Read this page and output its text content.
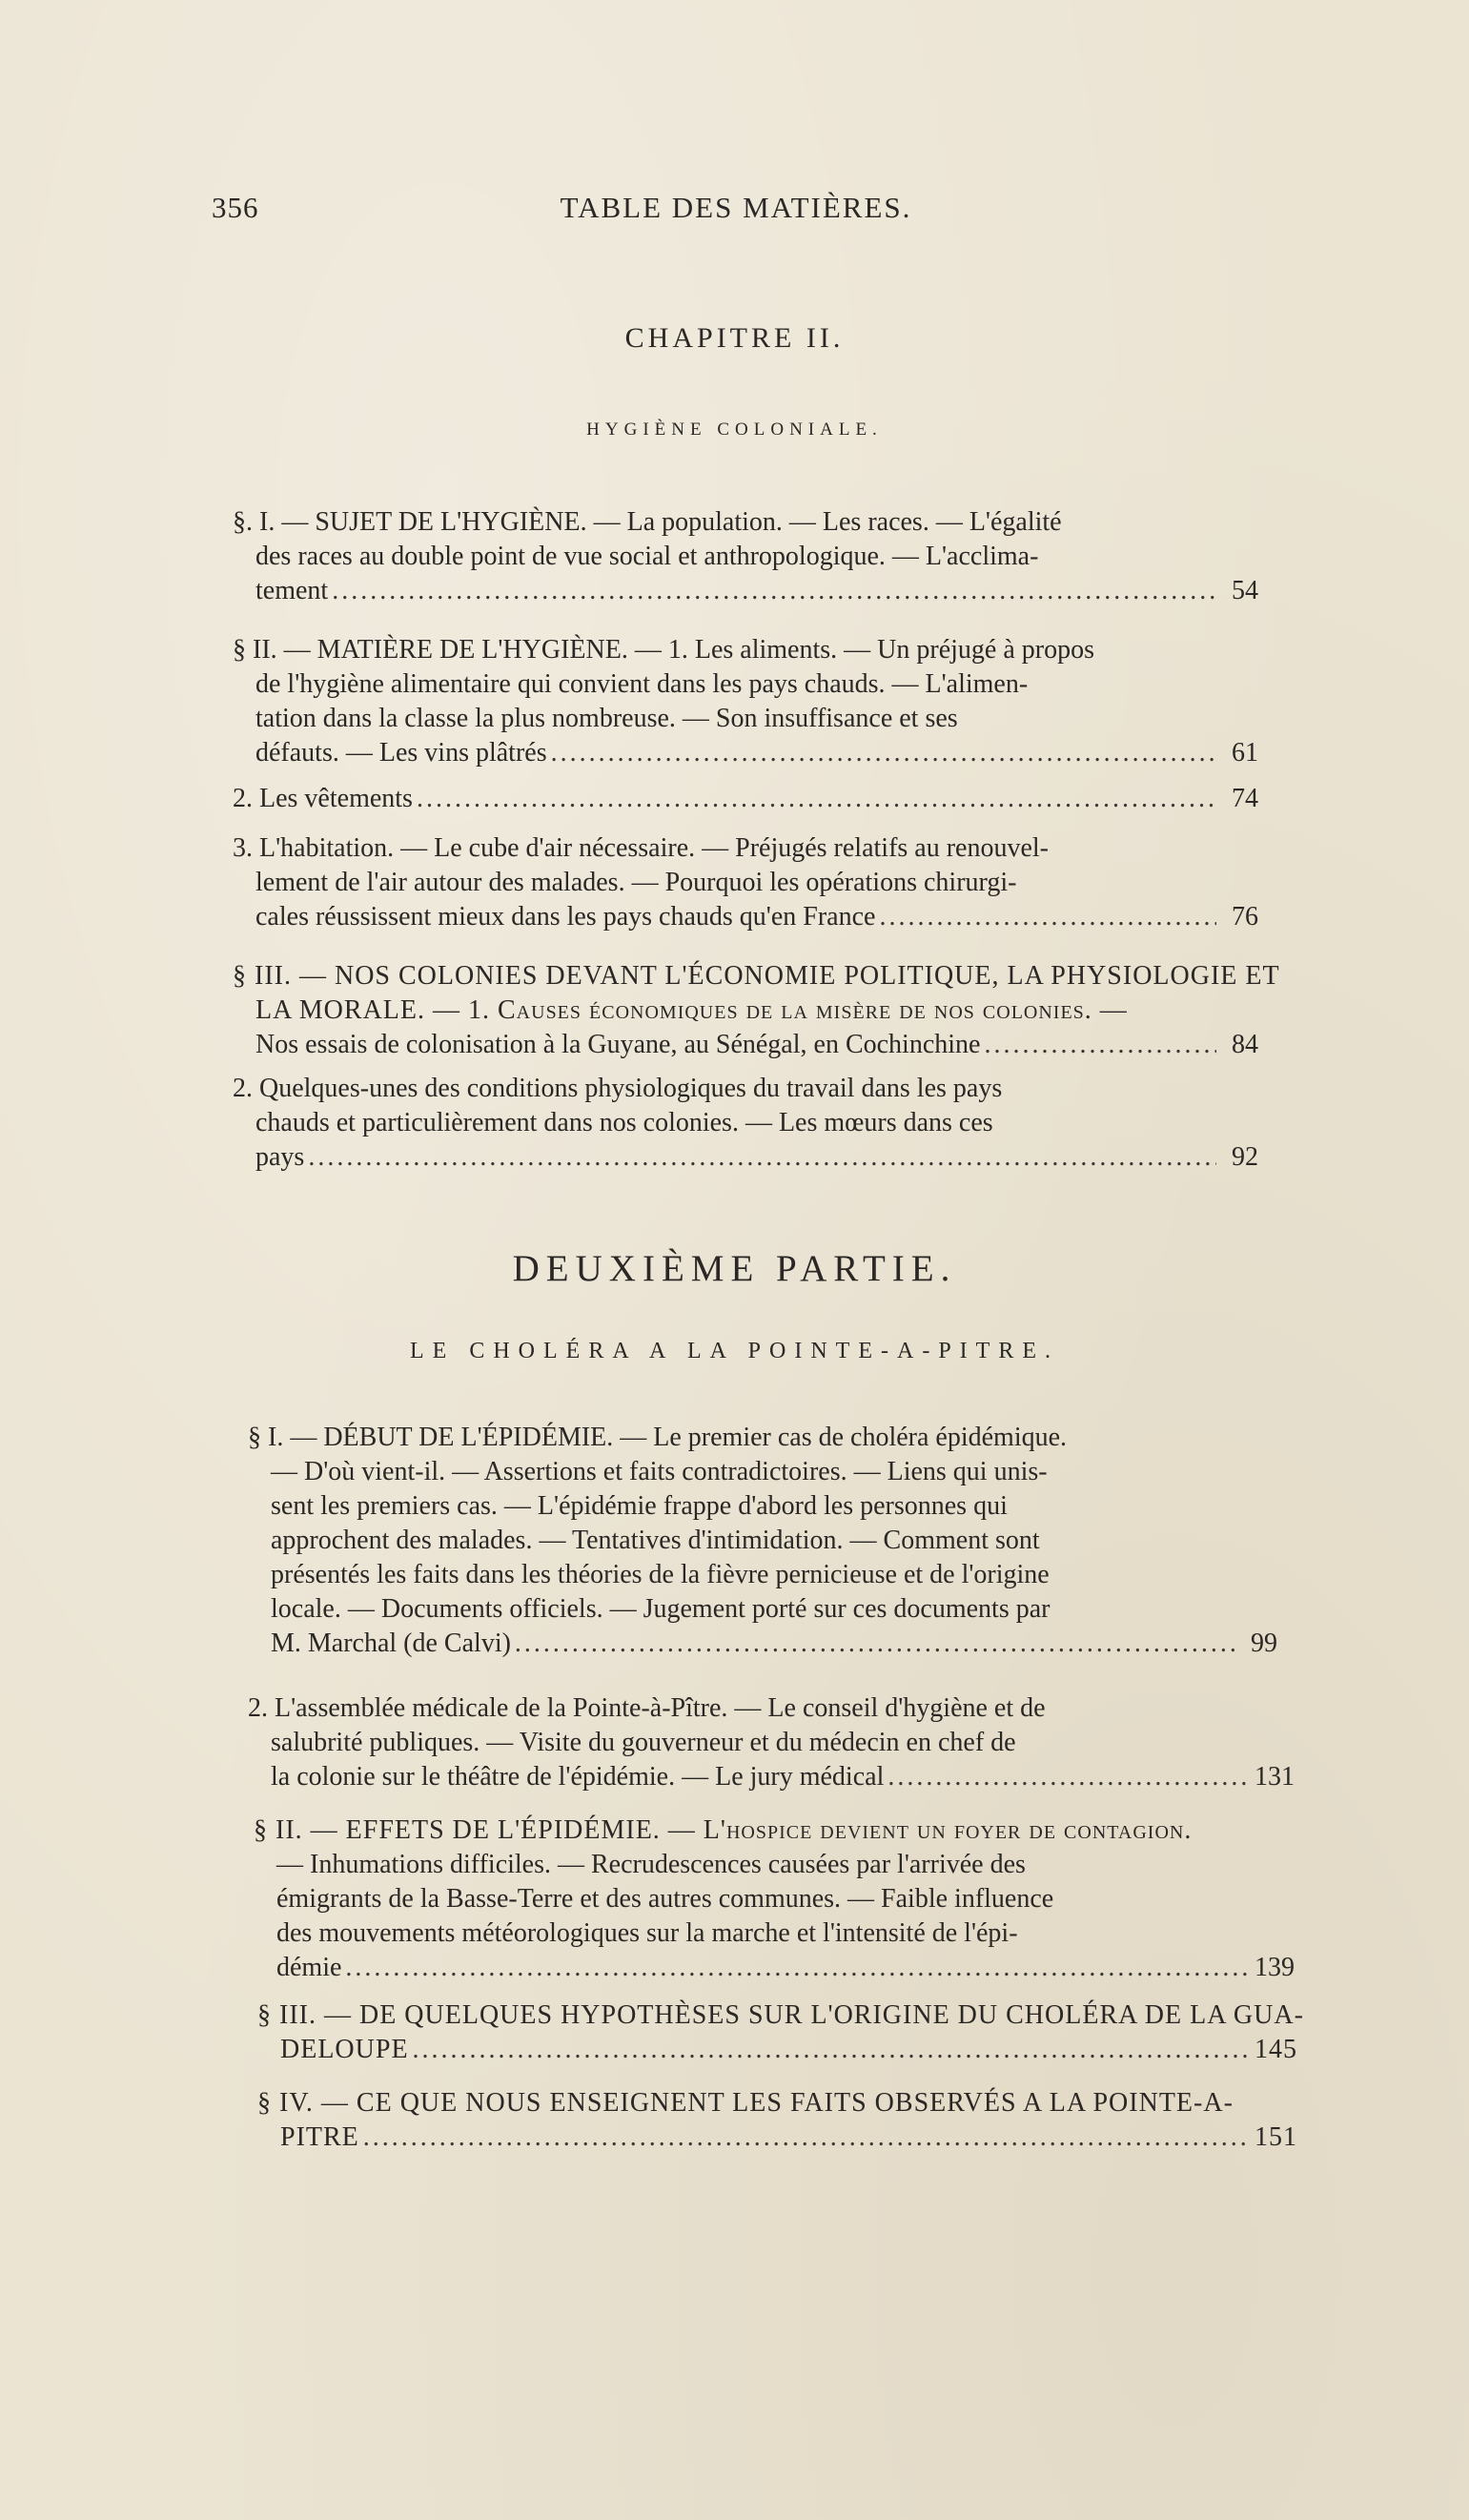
356	TABLE DES MATIÈRES.
CHAPITRE II.
HYGIÈNE COLONIALE.
§. I. — SUJET DE L'HYGIÈNE. — La population. — Les races. — L'égalité
des races au double point de vue social et anthropologique. — L'acclima-
tement .....	54
§ II. — MATIÈRE DE L'HYGIÈNE. — 1. Les aliments. — Un préjugé à propos
de l'hygiène alimentaire qui convient dans les pays chauds. — L'alimen-
tation dans la classe la plus nombreuse. — Son insuffisance et ses
défauts. — Les vins plâtrés .....	61
2. Les vêtements .....	74
3. L'habitation. — Le cube d'air nécessaire. — Préjugés relatifs au renouvel-
lement de l'air autour des malades. — Pourquoi les opérations chirurgi-
cales réussissent mieux dans les pays chauds qu'en France .....	76
§ III. — NOS COLONIES DEVANT L'ÉCONOMIE POLITIQUE, LA PHYSIOLOGIE ET
LA MORALE. — 1. Causes économiques de la misère de nos colonies. —
Nos essais de colonisation à la Guyane, au Sénégal, en Cochinchine .....	84
2. Quelques-unes des conditions physiologiques du travail dans les pays
chauds et particulièrement dans nos colonies. — Les mœurs dans ces
pays .....	92
DEUXIÈME PARTIE.
LE CHOLÉRA A LA POINTE-A-PITRE.
§ I. — DÉBUT DE L'ÉPIDÉMIE. — Le premier cas de choléra épidémique.
— D'où vient-il. — Assertions et faits contradictoires. — Liens qui unis-
sent les premiers cas. — L'épidémie frappe d'abord les personnes qui
approchent des malades. — Tentatives d'intimidation. — Comment sont
présentés les faits dans les théories de la fièvre pernicieuse et de l'origine
locale. — Documents officiels. — Jugement porté sur ces documents par
M. Marchal (de Calvi) .....	99
2. L'assemblée médicale de la Pointe-à-Pître. — Le conseil d'hygiène et de
salubrité publiques. — Visite du gouverneur et du médecin en chef de
la colonie sur le théâtre de l'épidémie. — Le jury médical .....	131
§ II. — EFFETS DE L'ÉPIDÉMIE. — L'hospice devient un foyer de contagion.
— Inhumations difficiles. — Recrudescences causées par l'arrivée des
émigrants de la Basse-Terre et des autres communes. — Faible influence
des mouvements météorologiques sur la marche et l'intensité de l'épi-
démie .....	139
§ III. — DE QUELQUES HYPOTHÈSES SUR L'ORIGINE DU CHOLÉRA DE LA GUA-
DELOUPE .....	145
§ IV. — CE QUE NOUS ENSEIGNENT LES FAITS OBSERVÉS A LA POINTE-A-
PITRE .....	151
